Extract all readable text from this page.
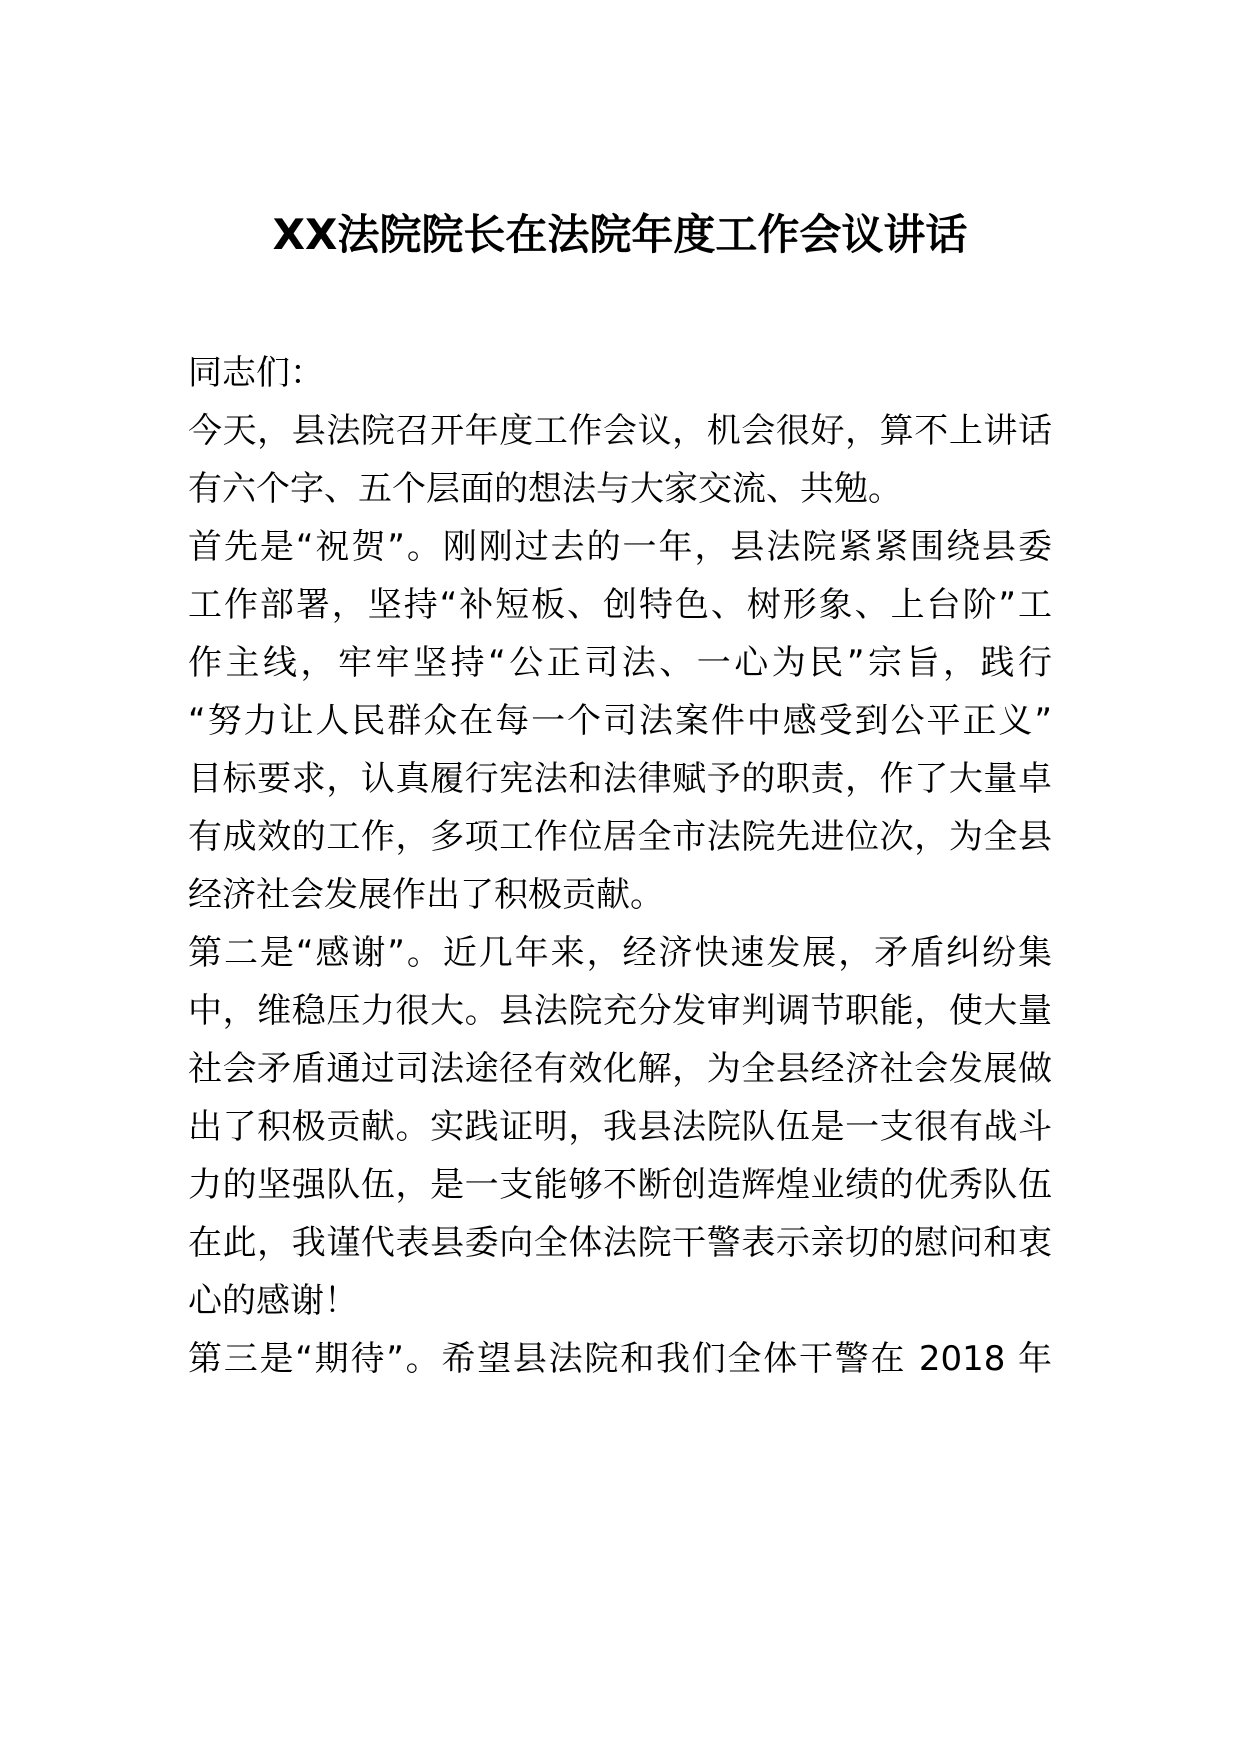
XX法院院长在法院年度工作会议讲话
同志们：
今天，县法院召开年度工作会议，机会很好，算不上讲话
有六个字、五个层面的想法与大家交流、共勉。
首先是“祝贺”。刚刚过去的一年，县法院紧紧围绕县委
工作部署，坚持“补短板、创特色、树形象、上台阶”工
作主线，牢牢坚持“公正司法、一心为民”宗旨，践行
“努力让人民群众在每一个司法案件中感受到公平正义”
目标要求，认真履行宪法和法律赋予的职责，作了大量卓
有成效的工作，多项工作位居全市法院先进位次，为全县
经济社会发展作出了积极贡献。
第二是“感谢”。近几年来，经济快速发展，矛盾纠纷集
中，维稳压力很大。县法院充分发审判调节职能，使大量
社会矛盾通过司法途径有效化解，为全县经济社会发展做
出了积极贡献。实践证明，我县法院队伍是一支很有战斗
力的坚强队伍，是一支能够不断创造辉煌业绩的优秀队伍
在此，我谨代表县委向全体法院干警表示亲切的慰问和衷
心的感谢！
第三是“期待”。希望县法院和我们全体干警在 2018 年
